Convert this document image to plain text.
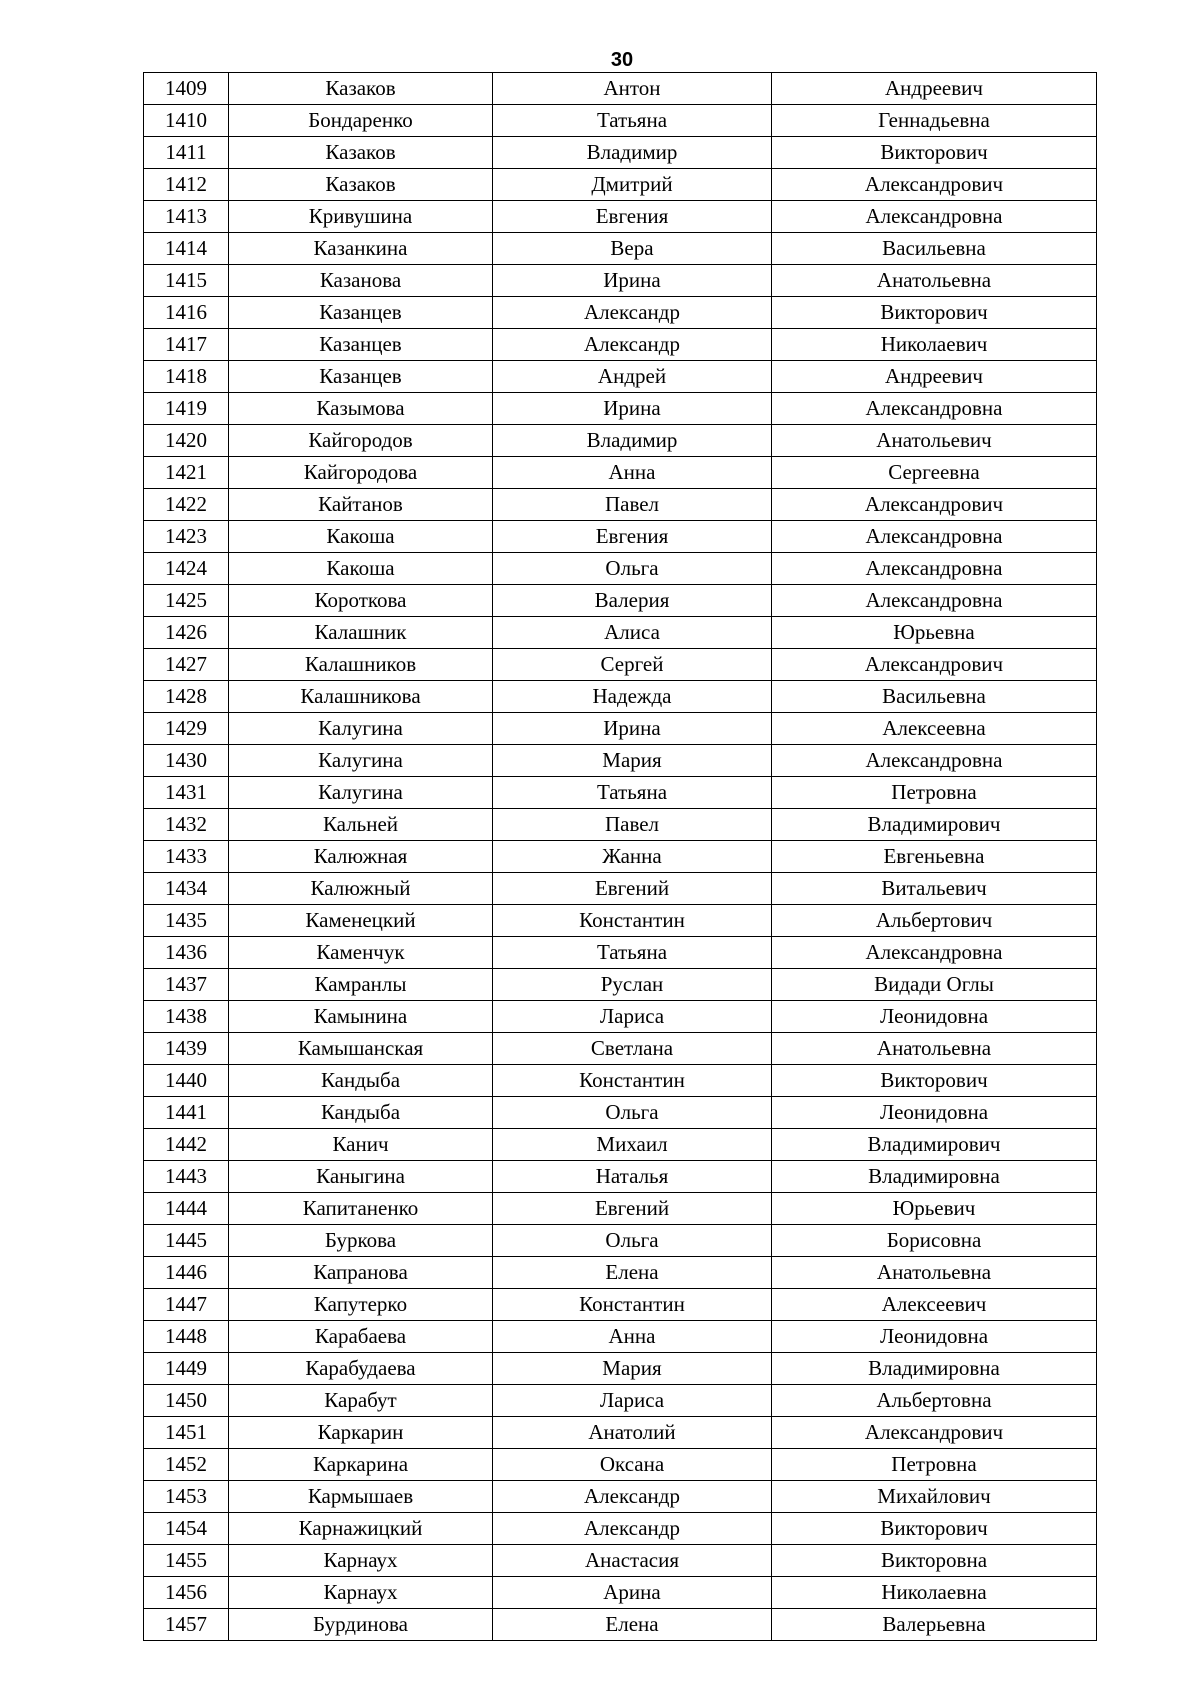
30
1409	Казаков	Антон	Андреевич
1410	Бондаренко	Татьяна	Геннадьевна
1411	Казаков	Владимир	Викторович
1412	Казаков	Дмитрий	Александрович
1413	Кривушина	Евгения	Александровна
1414	Казанкина	Вера	Васильевна
1415	Казанова	Ирина	Анатольевна
1416	Казанцев	Александр	Викторович
1417	Казанцев	Александр	Николаевич
1418	Казанцев	Андрей	Андреевич
1419	Казымова	Ирина	Александровна
1420	Кайгородов	Владимир	Анатольевич
1421	Кайгородова	Анна	Сергеевна
1422	Кайтанов	Павел	Александрович
1423	Какоша	Евгения	Александровна
1424	Какоша	Ольга	Александровна
1425	Короткова	Валерия	Александровна
1426	Калашник	Алиса	Юрьевна
1427	Калашников	Сергей	Александрович
1428	Калашникова	Надежда	Васильевна
1429	Калугина	Ирина	Алексеевна
1430	Калугина	Мария	Александровна
1431	Калугина	Татьяна	Петровна
1432	Кальней	Павел	Владимирович
1433	Калюжная	Жанна	Евгеньевна
1434	Калюжный	Евгений	Витальевич
1435	Каменецкий	Константин	Альбертович
1436	Каменчук	Татьяна	Александровна
1437	Камранлы	Руслан	Видади Оглы
1438	Камынина	Лариса	Леонидовна
1439	Камышанская	Светлана	Анатольевна
1440	Кандыба	Константин	Викторович
1441	Кандыба	Ольга	Леонидовна
1442	Канич	Михаил	Владимирович
1443	Каныгина	Наталья	Владимировна
1444	Капитаненко	Евгений	Юрьевич
1445	Буркова	Ольга	Борисовна
1446	Капранова	Елена	Анатольевна
1447	Капутерко	Константин	Алексеевич
1448	Карабаева	Анна	Леонидовна
1449	Карабудаева	Мария	Владимировна
1450	Карабут	Лариса	Альбертовна
1451	Каркарин	Анатолий	Александрович
1452	Каркарина	Оксана	Петровна
1453	Кармышаев	Александр	Михайлович
1454	Карнажицкий	Александр	Викторович
1455	Карнаух	Анастасия	Викторовна
1456	Карнаух	Арина	Николаевна
1457	Бурдинова	Елена	Валерьевна
